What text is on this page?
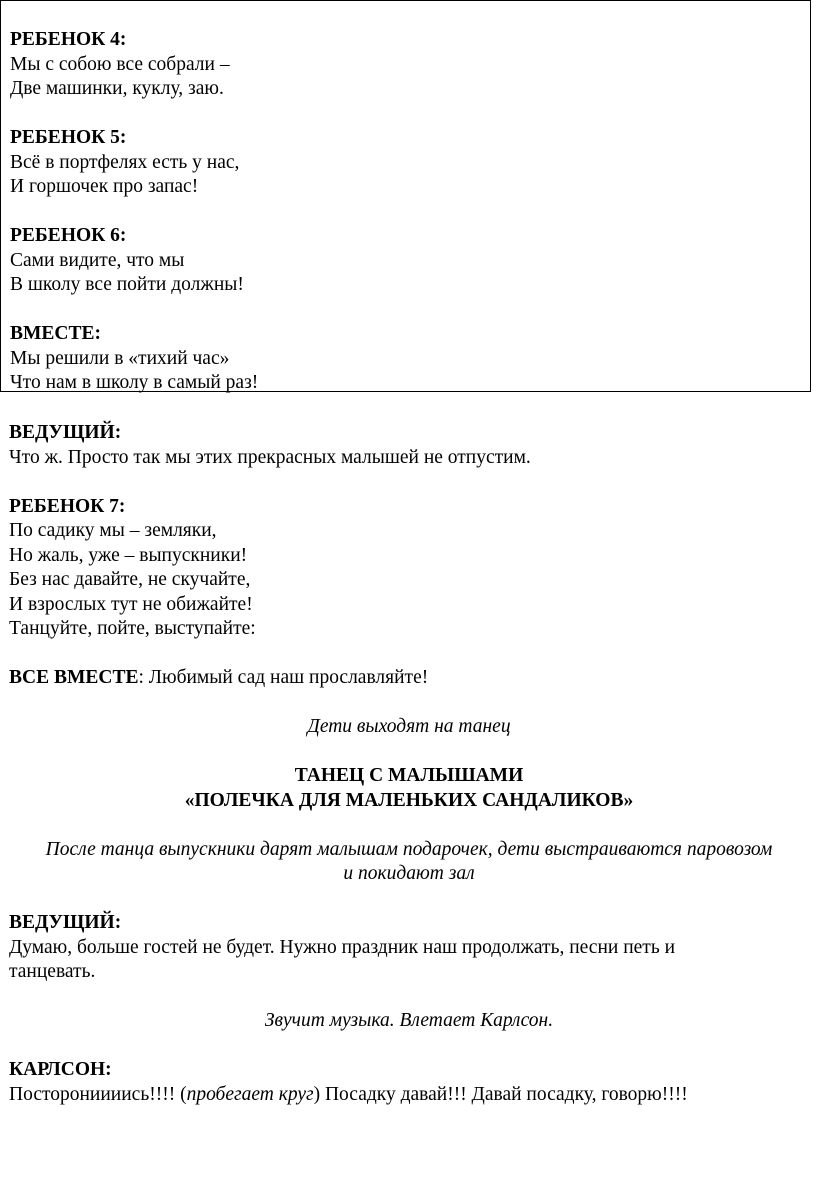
РЕБЕНОК 4:

Мы с собою все собрали –

Две машинки, куклу, заю.

РЕБЕНОК 5:

Всё в портфелях есть у нас,

И горшочек про запас!

РЕБЕНОК 6:

Сами видите, что мы

В школу все пойти должны!

ВМЕСТЕ:

Мы решили в «тихий час»

Что нам в школу в самый раз!

ВЕДУЩИЙ:

Что ж. Просто так мы этих прекрасных малышей не отпустим.

РЕБЕНОК 7:

По садику мы – земляки,

Но жаль, уже – выпускники!

Без нас давайте, не скучайте,

И взрослых тут не обижайте!

Танцуйте, пойте, выступайте:

ВСЕ ВМЕСТЕ: Любимый сад наш прославляйте!

Дети выходят на танец

ТАНЕЦ С МАЛЫШАМИ

«ПОЛЕЧКА ДЛЯ МАЛЕНЬКИХ САНДАЛИКОВ»

После танца выпускники дарят малышам подарочек, дети выстраиваются паровозом

и покидают зал

ВЕДУЩИЙ:

Думаю, больше гостей не будет. Нужно праздник наш продолжать, песни петь и

танцевать.

Звучит музыка. Влетает Карлсон.

КАРЛСОН:

Посторониииись!!!! (пробегает круг) Посадку давай!!! Давай посадку, говорю!!!!
